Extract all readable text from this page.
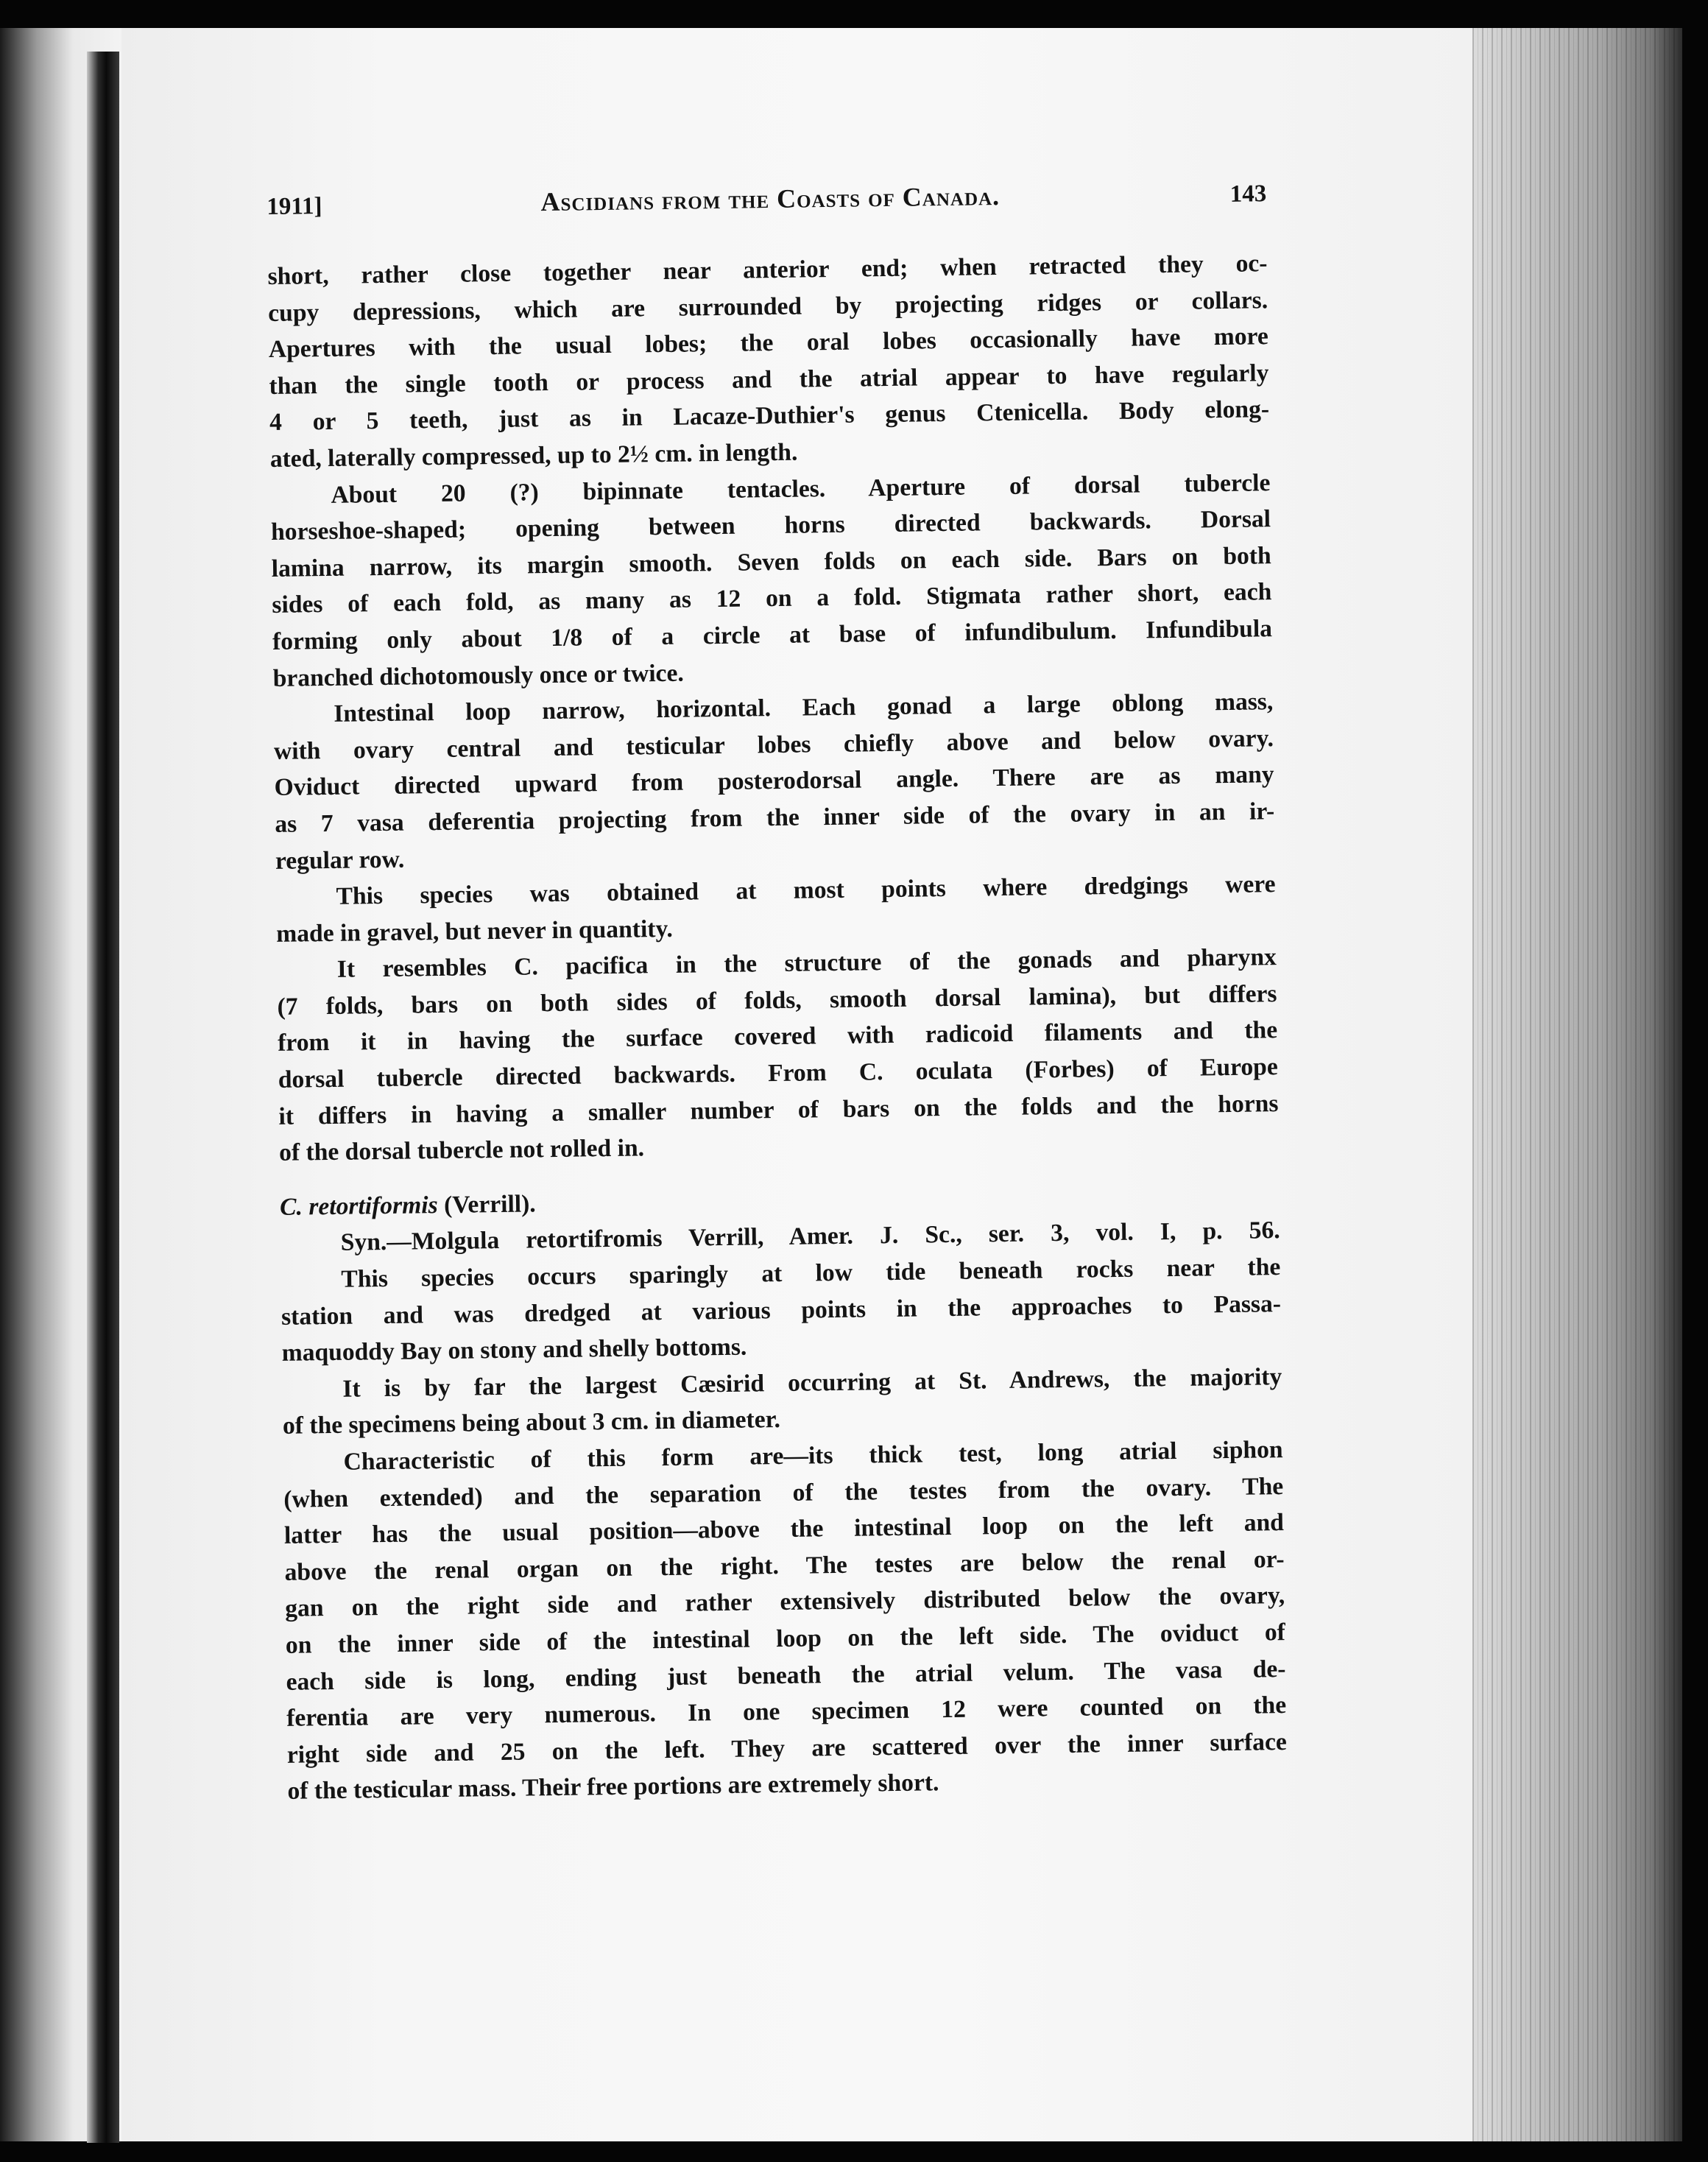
1911]	Ascidians from the Coasts of Canada.	143
short, rather close together near anterior end; when retracted they oc-
cupy depressions, which are surrounded by projecting ridges or collars.
Apertures with the usual lobes; the oral lobes occasionally have more
than the single tooth or process and the atrial appear to have regularly
4 or 5 teeth, just as in Lacaze-Duthier's genus Ctenicella. Body elong-
ated, laterally compressed, up to 2½ cm. in length.
About 20 (?) bipinnate tentacles. Aperture of dorsal tubercle
horseshoe-shaped; opening between horns directed backwards. Dorsal
lamina narrow, its margin smooth. Seven folds on each side. Bars on both
sides of each fold, as many as 12 on a fold. Stigmata rather short, each
forming only about 1/8 of a circle at base of infundibulum. Infundibula
branched dichotomously once or twice.
Intestinal loop narrow, horizontal. Each gonad a large oblong mass,
with ovary central and testicular lobes chiefly above and below ovary.
Oviduct directed upward from posterodorsal angle. There are as many
as 7 vasa deferentia projecting from the inner side of the ovary in an ir-
regular row.
This species was obtained at most points where dredgings were
made in gravel, but never in quantity.
It resembles C. pacifica in the structure of the gonads and pharynx
(7 folds, bars on both sides of folds, smooth dorsal lamina), but differs
from it in having the surface covered with radicoid filaments and the
dorsal tubercle directed backwards. From C. oculata (Forbes) of Europe
it differs in having a smaller number of bars on the folds and the horns
of the dorsal tubercle not rolled in.
C. retortiformis (Verrill).
Syn.—Molgula retortifromis Verrill, Amer. J. Sc., ser. 3, vol. I, p. 56.
This species occurs sparingly at low tide beneath rocks near the
station and was dredged at various points in the approaches to Passa-
maquoddy Bay on stony and shelly bottoms.
It is by far the largest Cæsirid occurring at St. Andrews, the majority
of the specimens being about 3 cm. in diameter.
Characteristic of this form are—its thick test, long atrial siphon
(when extended) and the separation of the testes from the ovary. The
latter has the usual position—above the intestinal loop on the left and
above the renal organ on the right. The testes are below the renal or-
gan on the right side and rather extensively distributed below the ovary,
on the inner side of the intestinal loop on the left side. The oviduct of
each side is long, ending just beneath the atrial velum. The vasa de-
ferentia are very numerous. In one specimen 12 were counted on the
right side and 25 on the left. They are scattered over the inner surface
of the testicular mass. Their free portions are extremely short.
